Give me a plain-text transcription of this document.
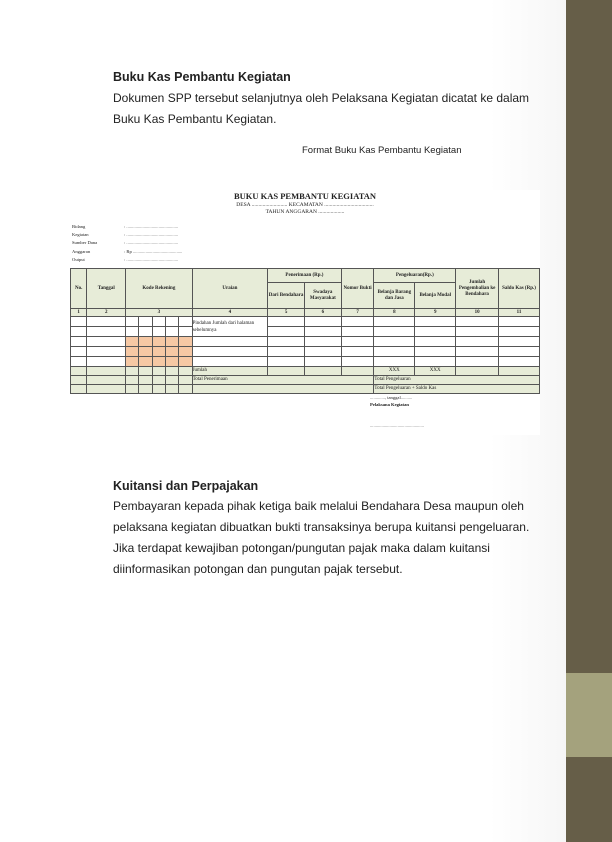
Buku Kas Pembantu Kegiatan
Dokumen SPP tersebut selanjutnya oleh Pelaksana Kegiatan dicatat ke dalam
Buku Kas Pembantu Kegiatan.
Format Buku Kas Pembantu Kegiatan
BUKU KAS PEMBANTU KEGIATAN
DESA .......................... KECAMATAN ....................................
TAHUN ANGGARAN ...................
Bidang	: .............................................
Kegiatan	: .............................................
Sumber Dana	: .............................................
Anggaran	: Rp ...........................................
Output	: .............................................
No.	Tanggal	Kode Rekening					Uraian	Penerimaan (Rp.)		Nomor Bukti	Pengeluaran(Rp.)		Jumlah Pengembalian ke Bendahara	Saldo Kas (Rp.)
								Dari Bendahara	Swadaya Masyarakat		Belanja Barang dan Jasa	Belanja Modal		
1	2	3					4	5	6	7	8	9	10	11
							Pindahan Jumlah dari halaman sebelumnya							

							Jumlah				XXX	XXX		
							Total Penerimaan				Total Pengeluaran			
											Total Pengeluaran + Saldo Kas			
............., tanggal..........
Pelaksana Kegiatan
...............................................
Kuitansi dan Perpajakan
Pembayaran kepada pihak ketiga baik melalui Bendahara Desa maupun oleh
pelaksana kegiatan dibuatkan bukti transaksinya berupa kuitansi pengeluaran.
Jika terdapat kewajiban potongan/pungutan pajak maka dalam kuitansi
diinformasikan potongan dan pungutan pajak tersebut.
